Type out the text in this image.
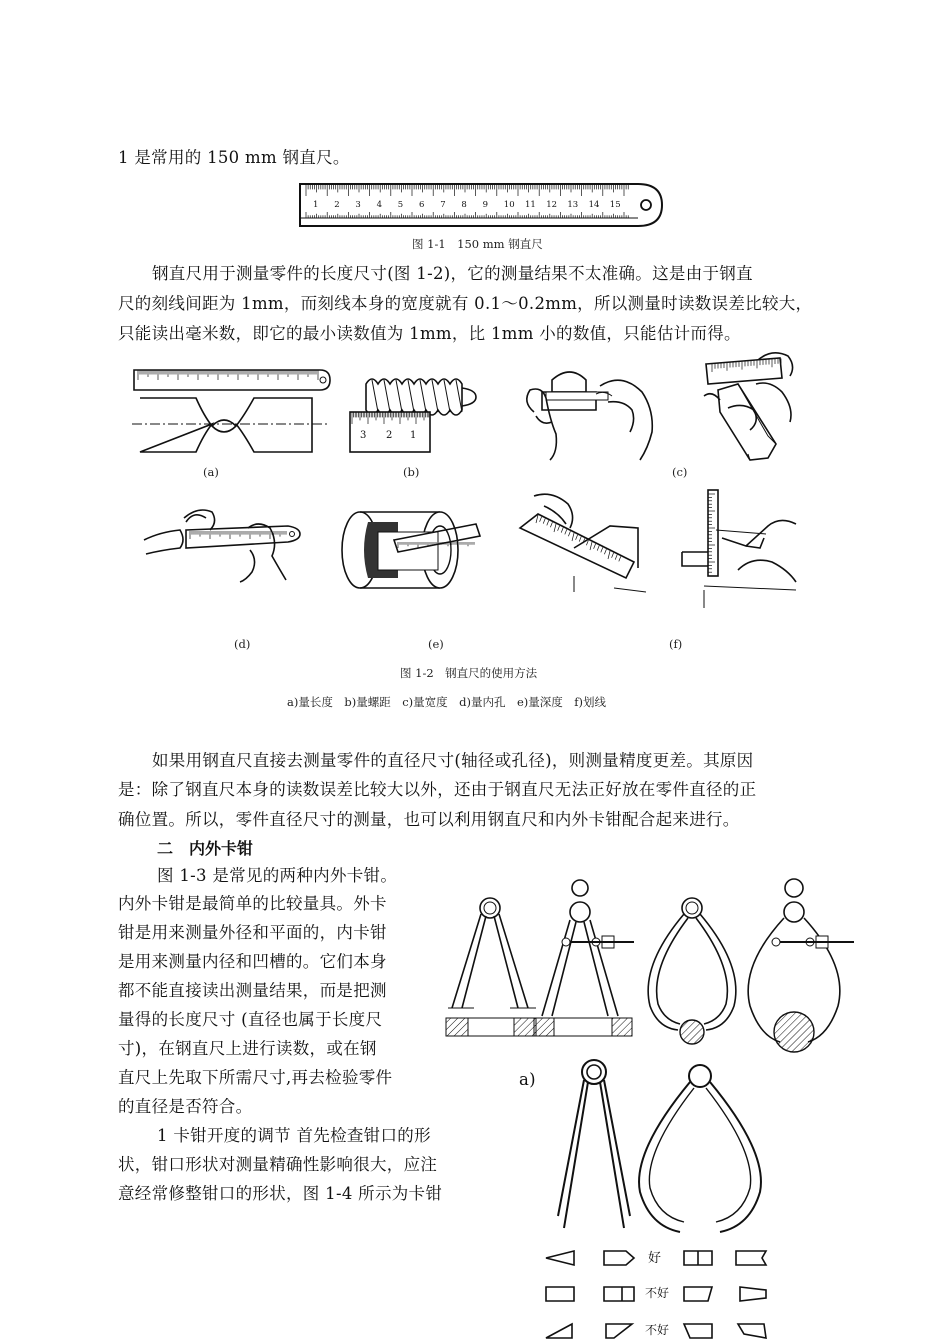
1 是常用的 150 mm 钢直尺。
1 2 3 4 5 6 7 8 9 10 11 12 13 14 15
图 1-1　150 mm 钢直尺
钢直尺用于测量零件的长度尺寸(图 1-2)，它的测量结果不太准确。这是由于钢直
尺的刻线间距为 1mm，而刻线本身的宽度就有 0.1～0.2mm，所以测量时读数误差比较大，
只能读出毫米数，即它的最小读数值为 1mm，比 1mm 小的数值，只能估计而得。
(a)
3 2 1
(b)	(c)
(d)	(e)	(f)
图 1-2　钢直尺的使用方法
a)量长度　b)量螺距　c)量宽度　d)量内孔　e)量深度　f)划线
如果用钢直尺直接去测量零件的直径尺寸(轴径或孔径)，则测量精度更差。其原因
是：除了钢直尺本身的读数误差比较大以外，还由于钢直尺无法正好放在零件直径的正
确位置。所以，零件直径尺寸的测量，也可以利用钢直尺和内外卡钳配合起来进行。
二　内外卡钳
图 1-3 是常见的两种内外卡钳。
内外卡钳是最简单的比较量具。外卡
钳是用来测量外径和平面的，内卡钳
是用来测量内径和凹槽的。它们本身
都不能直接读出测量结果，而是把测
量得的长度尺寸 (直径也属于长度尺
寸)，在钢直尺上进行读数，或在钢
直尺上先取下所需尺寸,再去检验零件
的直径是否符合。
1 卡钳开度的调节 首先检查钳口的形
状，钳口形状对测量精确性影响很大，应注
意经常修整钳口的形状，图 1-4 所示为卡钳
a)
好
不好
不好
